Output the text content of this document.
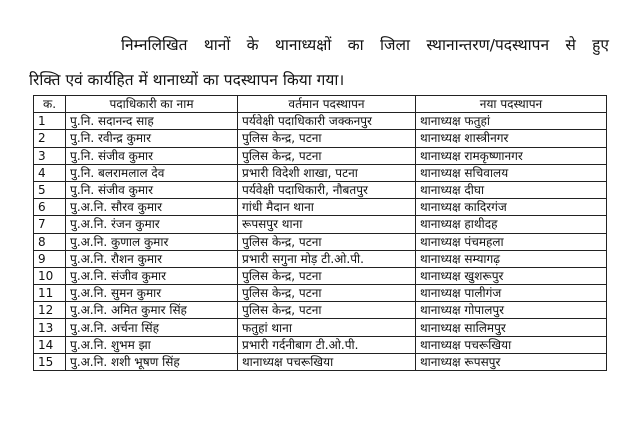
निम्नलिखित थानों के थानाध्यक्षों का जिला स्थानान्तरण/पदस्थापन से हुए
रिक्ति एवं कार्यहित में थानाध्यों का पदस्थापन किया गया।
क.	पदाधिकारी का नाम	वर्तमान पदस्थापन	नया पदस्थापन
1	पु.नि. सदानन्द साह	पर्यवेक्षी पदाधिकारी जक्कनपुर	थानाध्यक्ष फतुहां
2	पु.नि. रवीन्द्र कुमार	पुलिस केन्द्र, पटना	थानाध्यक्ष शास्त्रीनगर
3	पु.नि. संजीव कुमार	पुलिस केन्द्र, पटना	थानाध्यक्ष रामकृष्णानगर
4	पु.नि. बलरामलाल देव	प्रभारी विदेशी शाखा, पटना	थानाध्यक्ष सचिवालय
5	पु.नि. संजीव कुमार	पर्यवेक्षी पदाधिकारी, नौबतपुर	थानाध्यक्ष दीघा
6	पु.अ.नि. सौरव कुमार	गांधी मैदान थाना	थानाध्यक्ष कादिरगंज
7	पु.अ.नि. रंजन कुमार	रूपसपुर थाना	थानाध्यक्ष हाथीदह
8	पु.अ.नि. कुणाल कुमार	पुलिस केन्द्र, पटना	थानाध्यक्ष पंचमहला
9	पु.अ.नि. रौशन कुमार	प्रभारी सगुना मोड़ टी.ओ.पी.	थानाध्यक्ष सम्यागढ़
10	पु.अ.नि. संजीव कुमार	पुलिस केन्द्र, पटना	थानाध्यक्ष खुशरूपुर
11	पु.अ.नि. सुमन कुमार	पुलिस केन्द्र, पटना	थानाध्यक्ष पालीगंज
12	पु.अ.नि. अमित कुमार सिंह	पुलिस केन्द्र, पटना	थानाध्यक्ष गोपालपुर
13	पु.अ.नि. अर्चना सिंह	फतुहां थाना	थानाध्यक्ष सालिमपुर
14	पु.अ.नि. शुभम झा	प्रभारी गर्दनीबाग टी.ओ.पी.	थानाध्यक्ष पचरूखिया
15	पु.अ.नि. शशी भूषण सिंह	थानाध्यक्ष पचरूखिया	थानाध्यक्ष रूपसपुर
